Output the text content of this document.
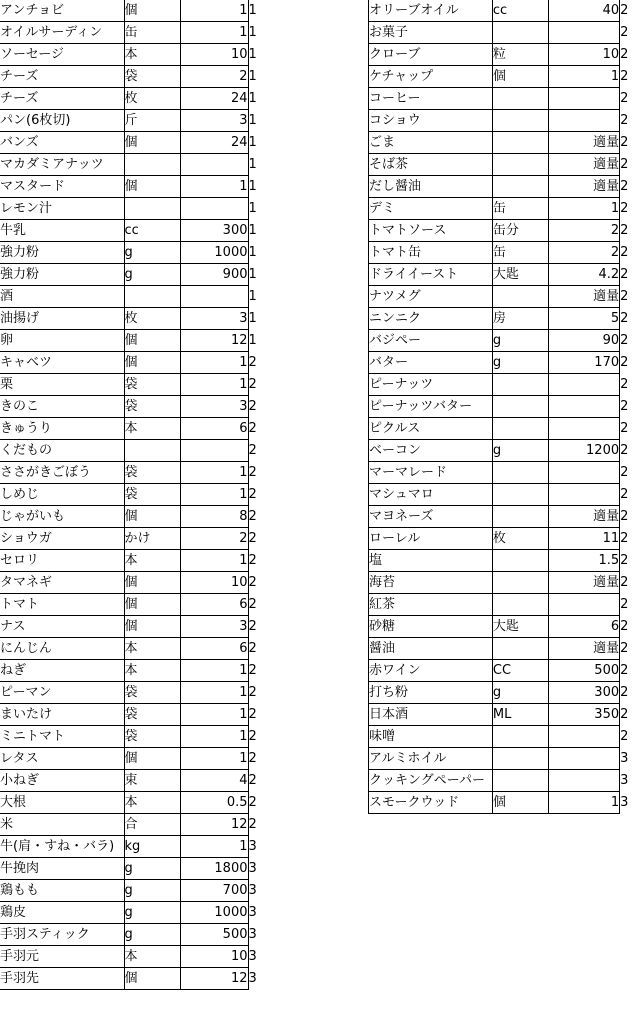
アンチョビ	個	1	1
オイルサーディン	缶	1	1
ソーセージ	本	10	1
チーズ	袋	2	1
チーズ	枚	24	1
パン(6枚切)	斤	3	1
バンズ	個	24	1
マカダミアナッツ			1
マスタード	個	1	1
レモン汁			1
牛乳	cc	300	1
強力粉	g	1000	1
強力粉	g	900	1
酒			1
油揚げ	枚	3	1
卵	個	12	1
キャベツ	個	1	2
栗	袋	1	2
きのこ	袋	3	2
きゅうり	本	6	2
くだもの			2
ささがきごぼう	袋	1	2
しめじ	袋	1	2
じゃがいも	個	8	2
ショウガ	かけ	2	2
セロリ	本	1	2
タマネギ	個	10	2
トマト	個	6	2
ナス	個	3	2
にんじん	本	6	2
ねぎ	本	1	2
ピーマン	袋	1	2
まいたけ	袋	1	2
ミニトマト	袋	1	2
レタス	個	1	2
小ねぎ	束	4	2
大根	本	0.5	2
米	合	12	2
牛(肩・すね・バラ)	kg	1	3
牛挽肉	g	1800	3
鶏もも	g	700	3
鶏皮	g	1000	3
手羽スティック	g	500	3
手羽元	本	10	3
手羽先	個	12	3
オリーブオイル	cc	40	2
お菓子			2
クローブ	粒	10	2
ケチャップ	個	1	2
コーヒー			2
コショウ			2
ごま		適量	2
そば茶		適量	2
だし醤油		適量	2
デミ	缶	1	2
トマトソース	缶分	2	2
トマト缶	缶	2	2
ドライイースト	大匙	4.2	2
ナツメグ		適量	2
ニンニク	房	5	2
バジペー	g	90	2
バター	g	170	2
ピーナッツ			2
ピーナッツバター			2
ピクルス			2
ベーコン	g	1200	2
マーマレード			2
マシュマロ			2
マヨネーズ		適量	2
ローレル	枚	11	2
塩		1.5	2
海苔		適量	2
紅茶			2
砂糖	大匙	6	2
醤油		適量	2
赤ワイン	CC	500	2
打ち粉	g	300	2
日本酒	ML	350	2
味噌			2
アルミホイル			3
クッキングペーパー			3
スモークウッド	個	1	3
